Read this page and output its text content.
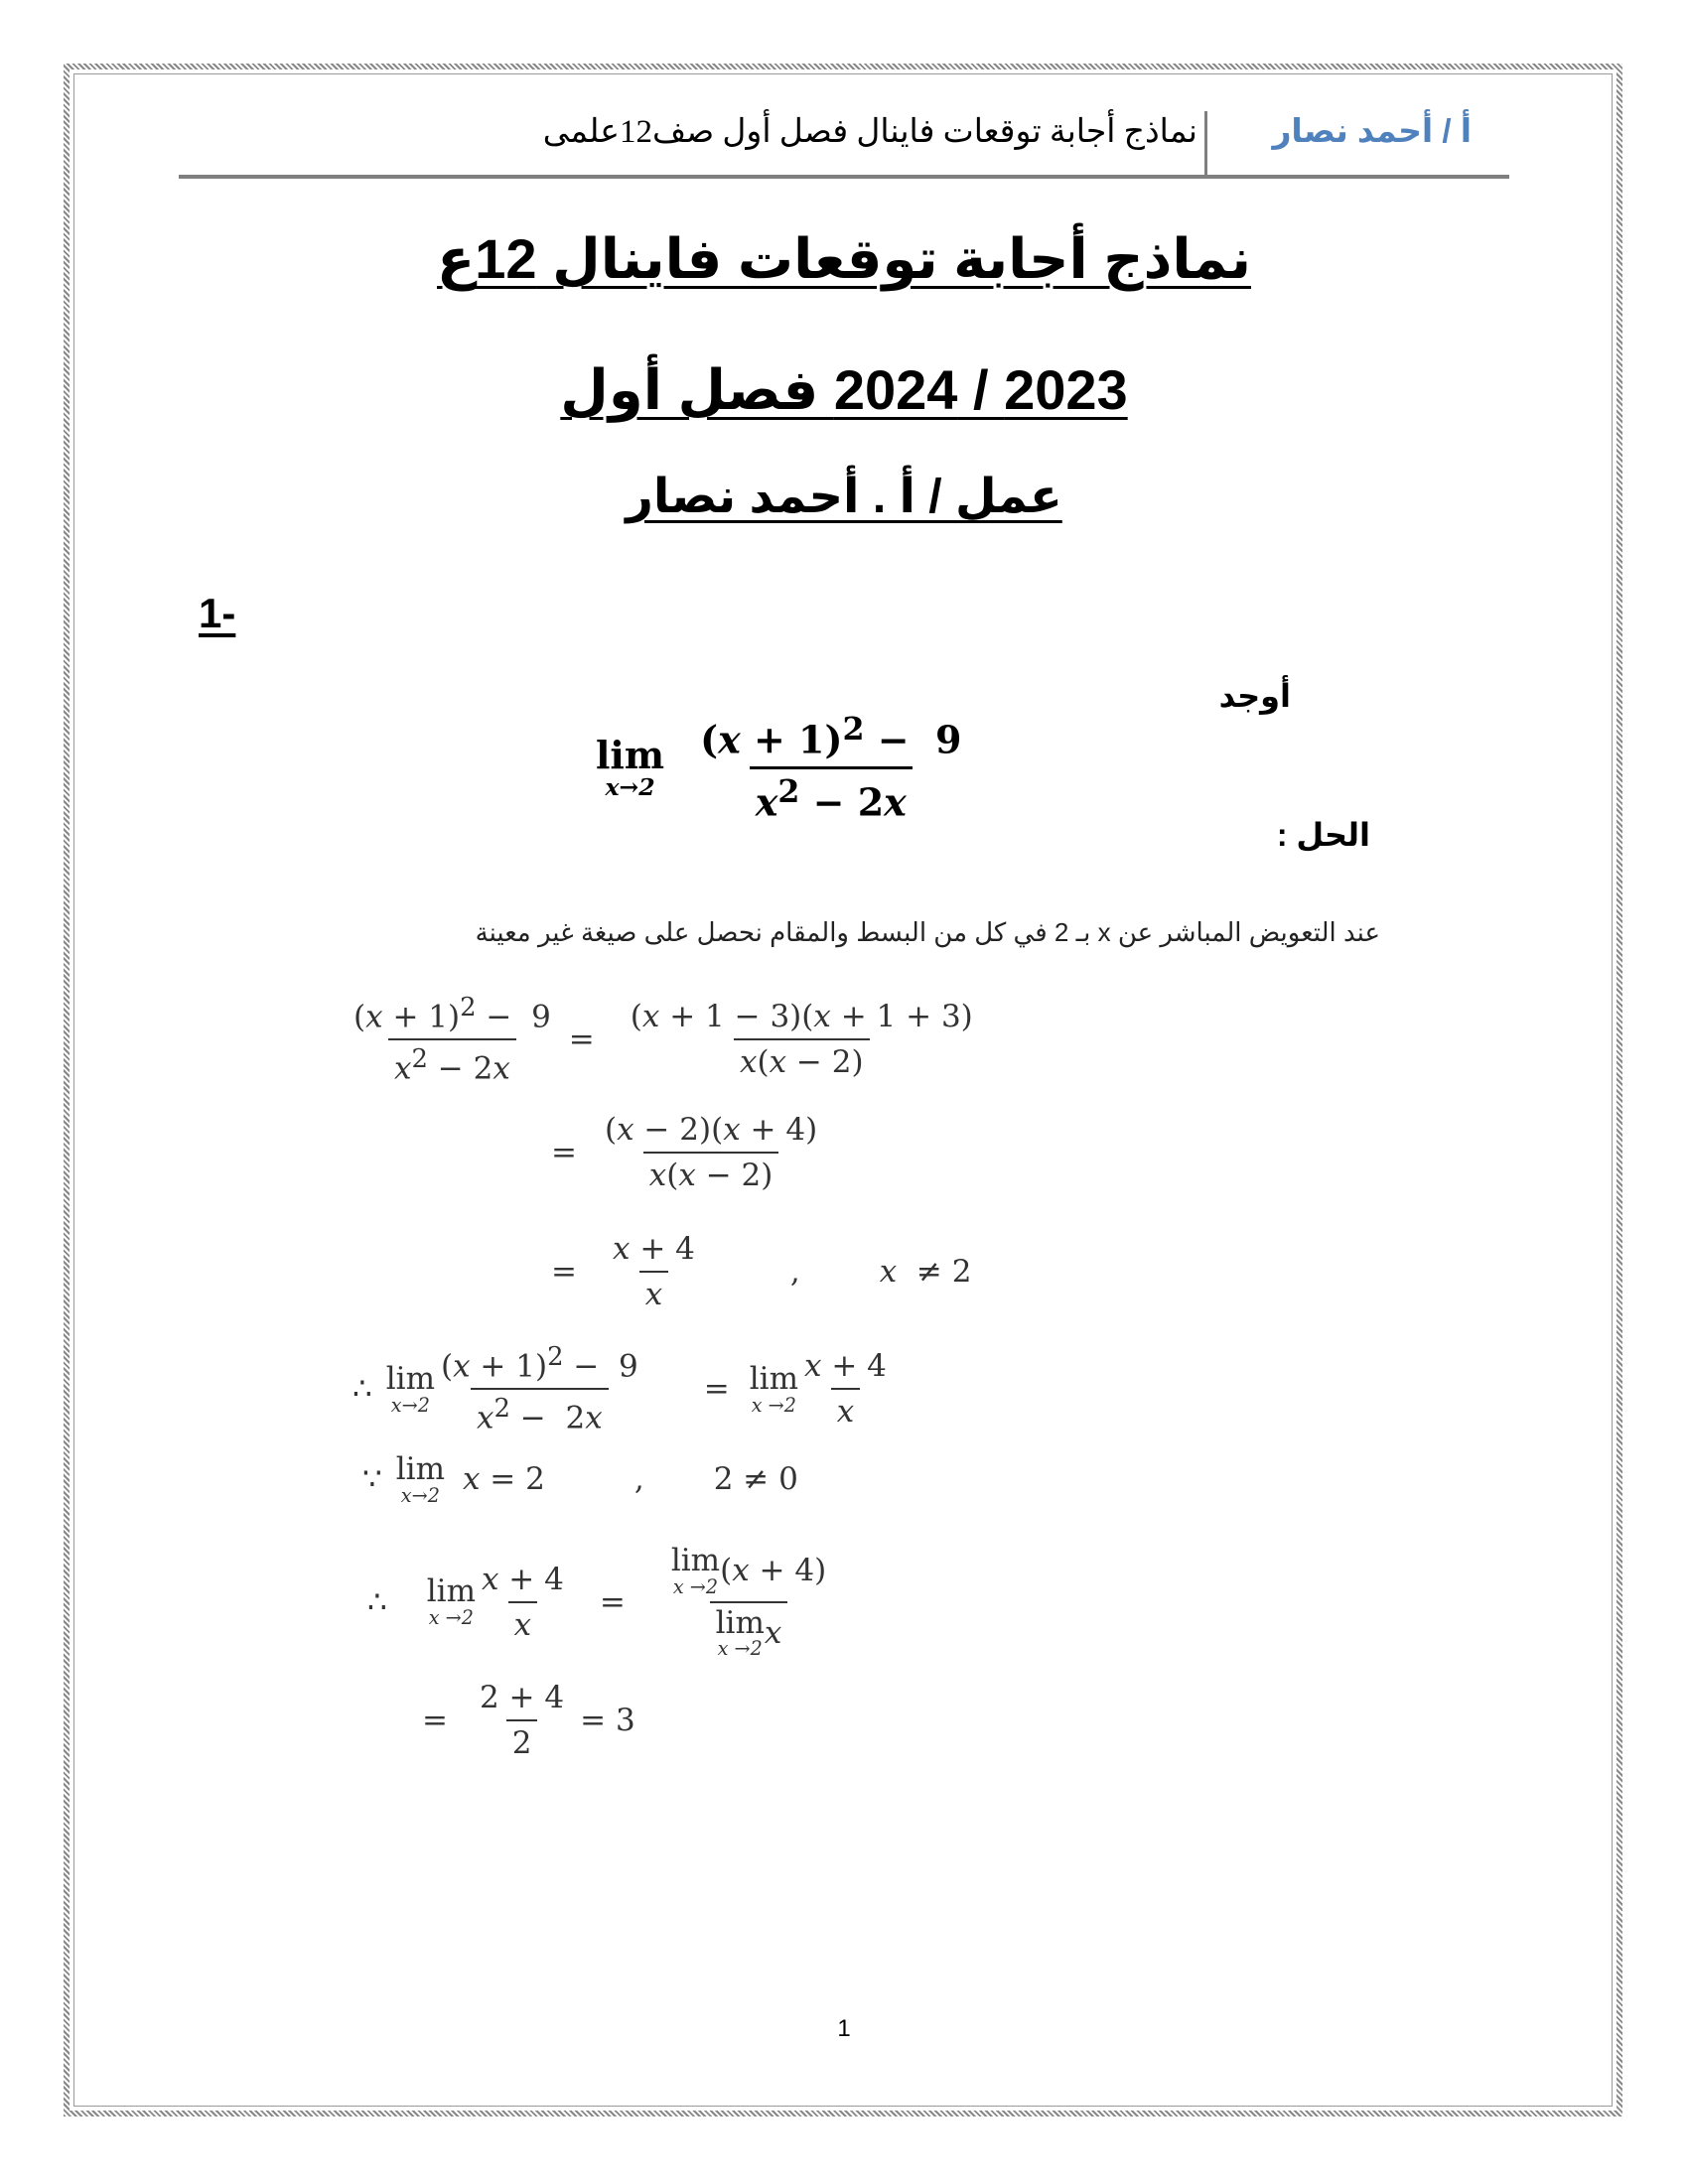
أ / أحمد نصار
نماذج أجابة توقعات فاينال فصل أول صف12علمى
نماذج أجابة توقعات فاينال 12ع
2023 / 2024 فصل أول
عمل / أ . أحمد نصار
1-
أوجد
lim
$x\to 2 \frac{(x + 1)^2 - 9}{x^2 - 2x}$
الحل :
عند التعويض المباشر عن x بـ 2 في كل من البسط والمقام نحصل على صيغة غير معينة
$\frac{(x + 1)^2 - 9}{x^2 - 2x} = \frac{(x + 1 - 3)(x + 1 + 3)}{x(x - 2)}$
= $\frac{(x - 2)(x + 4)}{x(x - 2)}$
= $\frac{x + 4}{x}$	,	x  ≠ 2
∴ lim
$x\to 2 \frac{(x + 1)^2 - 9}{x^2 - 2x} = \lim$
$x \to 2 \frac{x + 4}{x}$
∵ lim
x→2 x = 2	, 2 ≠ 0
∴ lim
$x \to 2 \frac{x + 4}{x} = \lim$
x →2 (x + 4)
lim
x →2 x
= $\frac{2 + 4}{2} = 3$
1
